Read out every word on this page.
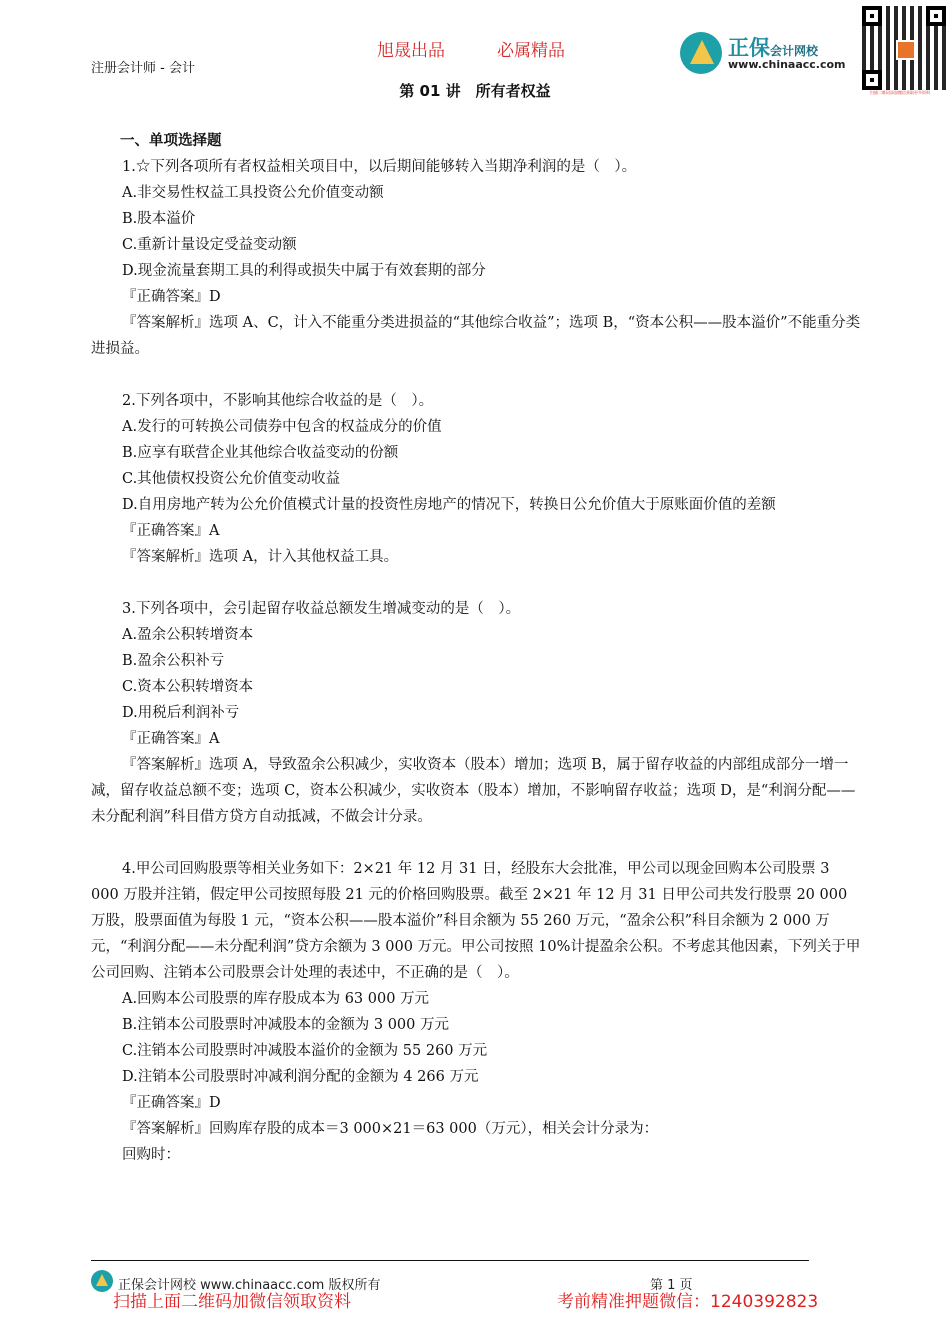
注册会计师 - 会计
旭晟出品	必属精品	正保会计网校
www.chinaacc.com
扫描二维码添加微信获取更多资料
第 01 讲　所有者权益

一、单项选择题

1.☆下列各项所有者权益相关项目中，以后期间能够转入当期净利润的是（　）。

A.非交易性权益工具投资公允价值变动额

B.股本溢价

C.重新计量设定受益变动额

D.现金流量套期工具的利得或损失中属于有效套期的部分

『正确答案』D

『答案解析』选项 A、C，计入不能重分类进损益的“其他综合收益”；选项 B，“资本公积——股本溢价”不能重分类进损益。

2.下列各项中，不影响其他综合收益的是（　）。

A.发行的可转换公司债券中包含的权益成分的价值

B.应享有联营企业其他综合收益变动的份额

C.其他债权投资公允价值变动收益

D.自用房地产转为公允价值模式计量的投资性房地产的情况下，转换日公允价值大于原账面价值的差额

『正确答案』A

『答案解析』选项 A，计入其他权益工具。

3.下列各项中，会引起留存收益总额发生增减变动的是（　）。

A.盈余公积转增资本

B.盈余公积补亏

C.资本公积转增资本

D.用税后利润补亏

『正确答案』A

『答案解析』选项 A，导致盈余公积减少，实收资本（股本）增加；选项 B，属于留存收益的内部组成部分一增一减，留存收益总额不变；选项 C，资本公积减少，实收资本（股本）增加，不影响留存收益；选项 D，是“利润分配——未分配利润”科目借方贷方自动抵减，不做会计分录。

4.甲公司回购股票等相关业务如下：2×21 年 12 月 31 日，经股东大会批准，甲公司以现金回购本公司股票 3 000 万股并注销，假定甲公司按照每股 21 元的价格回购股票。截至 2×21 年 12 月 31 日甲公司共发行股票 20 000 万股，股票面值为每股 1 元，“资本公积——股本溢价”科目余额为 55 260 万元，“盈余公积”科目余额为 2 000 万元，“利润分配——未分配利润”贷方余额为 3 000 万元。甲公司按照 10%计提盈余公积。不考虑其他因素，下列关于甲公司回购、注销本公司股票会计处理的表述中，不正确的是（　）。

A.回购本公司股票的库存股成本为 63 000 万元

B.注销本公司股票时冲减股本的金额为 3 000 万元

C.注销本公司股票时冲减股本溢价的金额为 55 260 万元

D.注销本公司股票时冲减利润分配的金额为 4 266 万元

『正确答案』D

『答案解析』回购库存股的成本＝3 000×21＝63 000（万元），相关会计分录为：

回购时：

正保会计网校 www.chinaacc.com 版权所有	第 1 页
扫描上面二维码加微信领取资料	考前精准押题微信：1240392823
